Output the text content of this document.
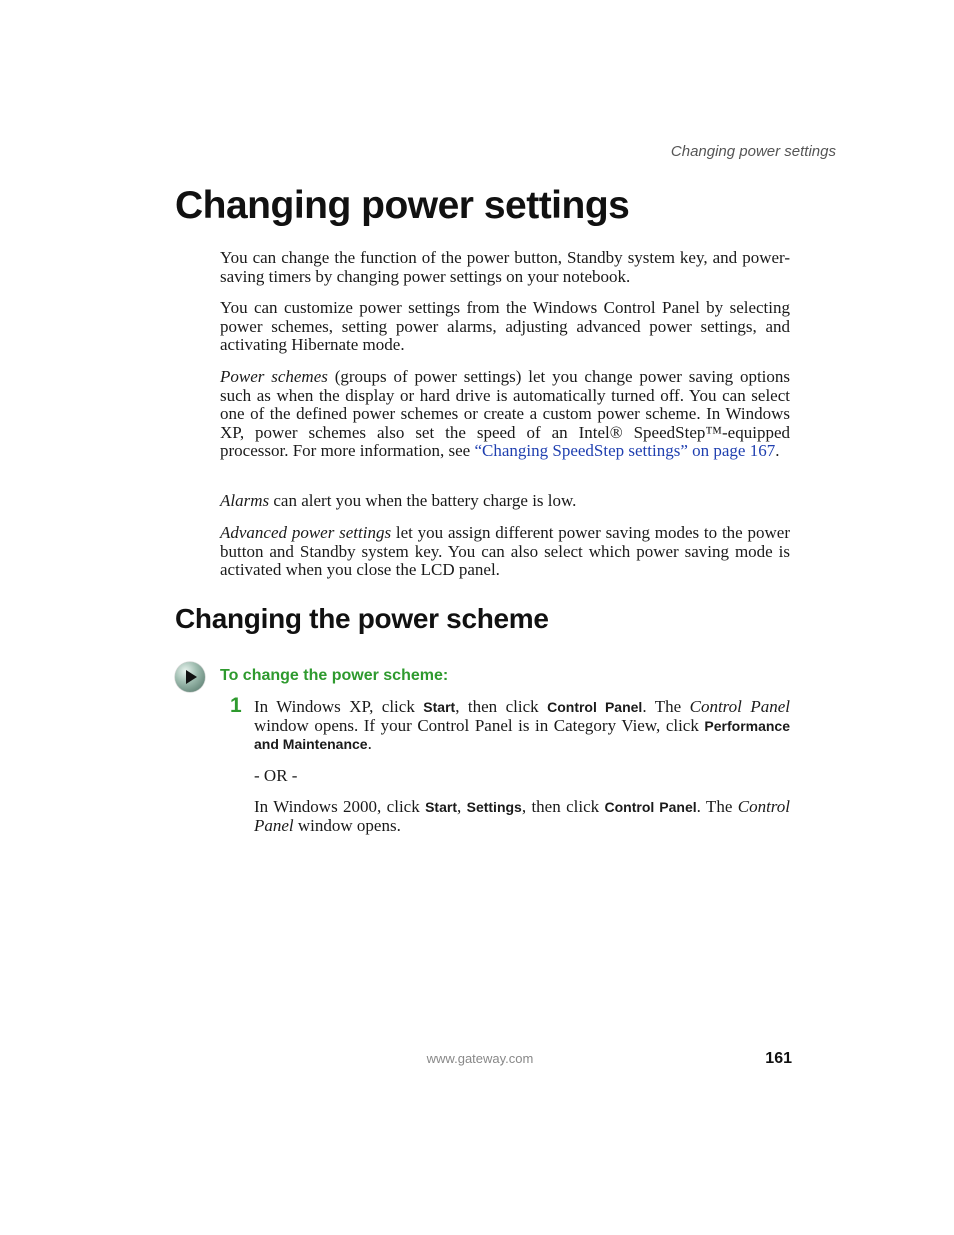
Changing power settings
Changing power settings

You can change the function of the power button, Standby system key, and power-saving timers by changing power settings on your notebook.

You can customize power settings from the Windows Control Panel by selecting power schemes, setting power alarms, adjusting advanced power settings, and activating Hibernate mode.

Power schemes (groups of power settings) let you change power saving options such as when the display or hard drive is automatically turned off. You can select one of the defined power schemes or create a custom power scheme. In Windows XP, power schemes also set the speed of an Intel® SpeedStep™-equipped processor. For more information, see “Changing SpeedStep settings” on page 167.

Alarms can alert you when the battery charge is low.

Advanced power settings let you assign different power saving modes to the power button and Standby system key. You can also select which power saving mode is activated when you close the LCD panel.

Changing the power scheme
To change the power scheme:
1 In Windows XP, click Start, then click Control Panel. The Control Panel window opens. If your Control Panel is in Category View, click Performance and Maintenance.

- OR -

In Windows 2000, click Start, Settings, then click Control Panel. The Control Panel window opens.

www.gateway.com	161
